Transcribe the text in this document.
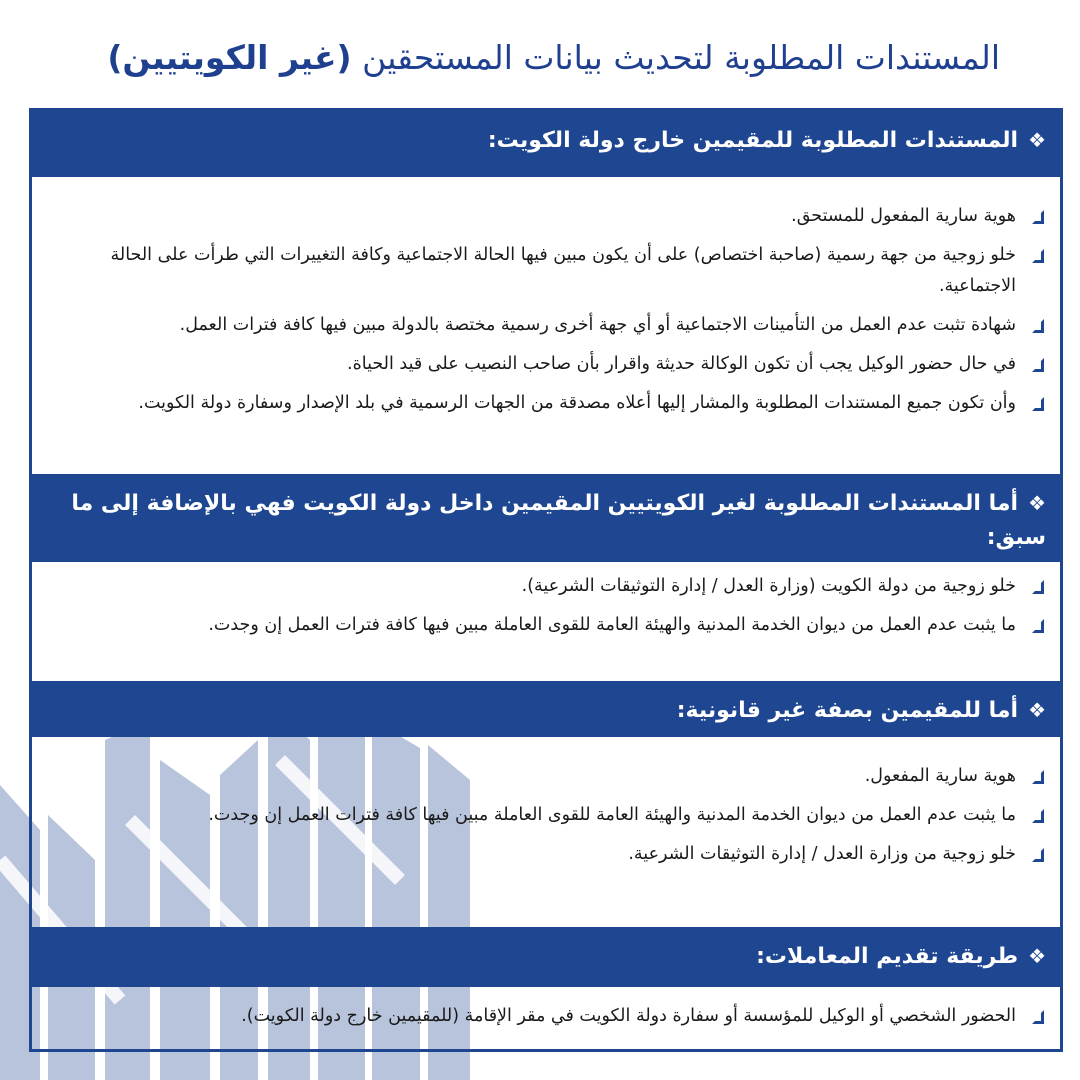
المستندات المطلوبة لتحديث بيانات المستحقين (غير الكويتيين)
❖المستندات المطلوبة للمقيمين خارج دولة الكويت:
هوية سارية المفعول للمستحق.
خلو زوجية من جهة رسمية (صاحبة اختصاص) على أن يكون مبين فيها الحالة الاجتماعية وكافة التغييرات التي طرأت على الحالة الاجتماعية.
شهادة تثبت عدم العمل من التأمينات الاجتماعية أو أي جهة أخرى رسمية مختصة بالدولة مبين فيها كافة فترات العمل.
في حال حضور الوكيل يجب أن تكون الوكالة حديثة واقرار بأن صاحب النصيب على قيد الحياة.
وأن تكون جميع المستندات المطلوبة والمشار إليها أعلاه مصدقة من الجهات الرسمية في بلد الإصدار وسفارة دولة الكويت.
❖أما المستندات المطلوبة لغير الكويتيين المقيمين داخل دولة الكويت فهي بالإضافة إلى ما سبق:
خلو زوجية من دولة الكويت (وزارة العدل / إدارة التوثيقات الشرعية).
ما يثبت عدم العمل من ديوان الخدمة المدنية والهيئة العامة للقوى العاملة مبين فيها كافة فترات العمل إن وجدت.
❖أما للمقيمين بصفة غير قانونية:
هوية سارية المفعول.
ما يثبت عدم العمل من ديوان الخدمة المدنية والهيئة العامة للقوى العاملة مبين فيها كافة فترات العمل إن وجدت.
خلو زوجية من وزارة العدل / إدارة التوثيقات الشرعية.
❖طريقة تقديم المعاملات:
الحضور الشخصي أو الوكيل للمؤسسة أو سفارة دولة الكويت في مقر الإقامة (للمقيمين خارج دولة الكويت).
